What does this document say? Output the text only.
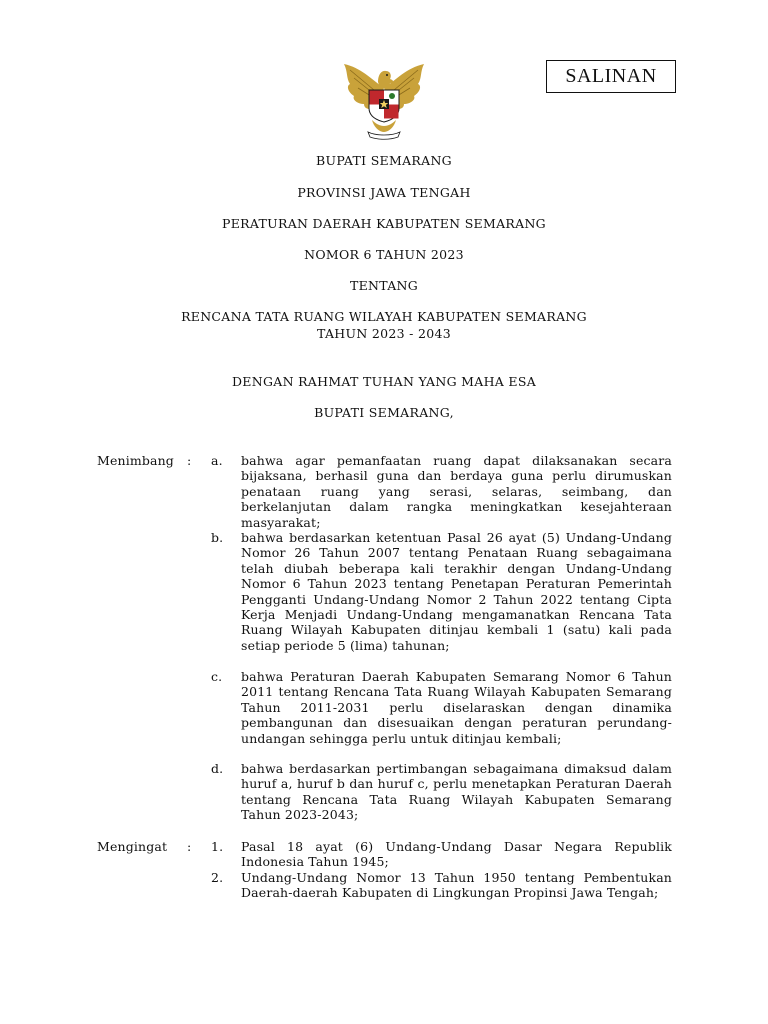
SALINAN
BUPATI SEMARANG
PROVINSI JAWA TENGAH
PERATURAN DAERAH KABUPATEN SEMARANG
NOMOR 6 TAHUN 2023
TENTANG
RENCANA TATA RUANG WILAYAH KABUPATEN SEMARANG
TAHUN 2023 - 2043
DENGAN RAHMAT TUHAN YANG MAHA ESA
BUPATI SEMARANG,
Menimbang : a. bahwa agar pemanfaatan ruang dapat dilaksanakan secara bijaksana, berhasil guna dan berdaya guna perlu dirumuskan penataan ruang yang serasi, selaras, seimbang, dan berkelanjutan dalam rangka meningkatkan kesejahteraan masyarakat;
b. bahwa berdasarkan ketentuan Pasal 26 ayat (5) Undang-Undang Nomor 26 Tahun 2007 tentang Penataan Ruang sebagaimana telah diubah beberapa kali terakhir dengan Undang-Undang Nomor 6 Tahun 2023 tentang Penetapan Peraturan Pemerintah Pengganti Undang-Undang Nomor 2 Tahun 2022 tentang Cipta Kerja Menjadi Undang-Undang mengamanatkan Rencana Tata Ruang Wilayah Kabupaten ditinjau kembali 1 (satu) kali pada setiap periode 5 (lima) tahunan;
c. bahwa Peraturan Daerah Kabupaten Semarang Nomor 6 Tahun 2011 tentang Rencana Tata Ruang Wilayah Kabupaten Semarang Tahun 2011-2031 perlu diselaraskan dengan dinamika pembangunan dan disesuaikan dengan peraturan perundang-undangan sehingga perlu untuk ditinjau kembali;
d. bahwa berdasarkan pertimbangan sebagaimana dimaksud dalam huruf a, huruf b dan huruf c, perlu menetapkan Peraturan Daerah tentang Rencana Tata Ruang Wilayah Kabupaten Semarang Tahun 2023-2043;
Mengingat : 1. Pasal 18 ayat (6) Undang-Undang Dasar Negara Republik Indonesia Tahun 1945;
2. Undang-Undang Nomor 13 Tahun 1950 tentang Pembentukan Daerah-daerah Kabupaten di Lingkungan Propinsi Jawa Tengah;
